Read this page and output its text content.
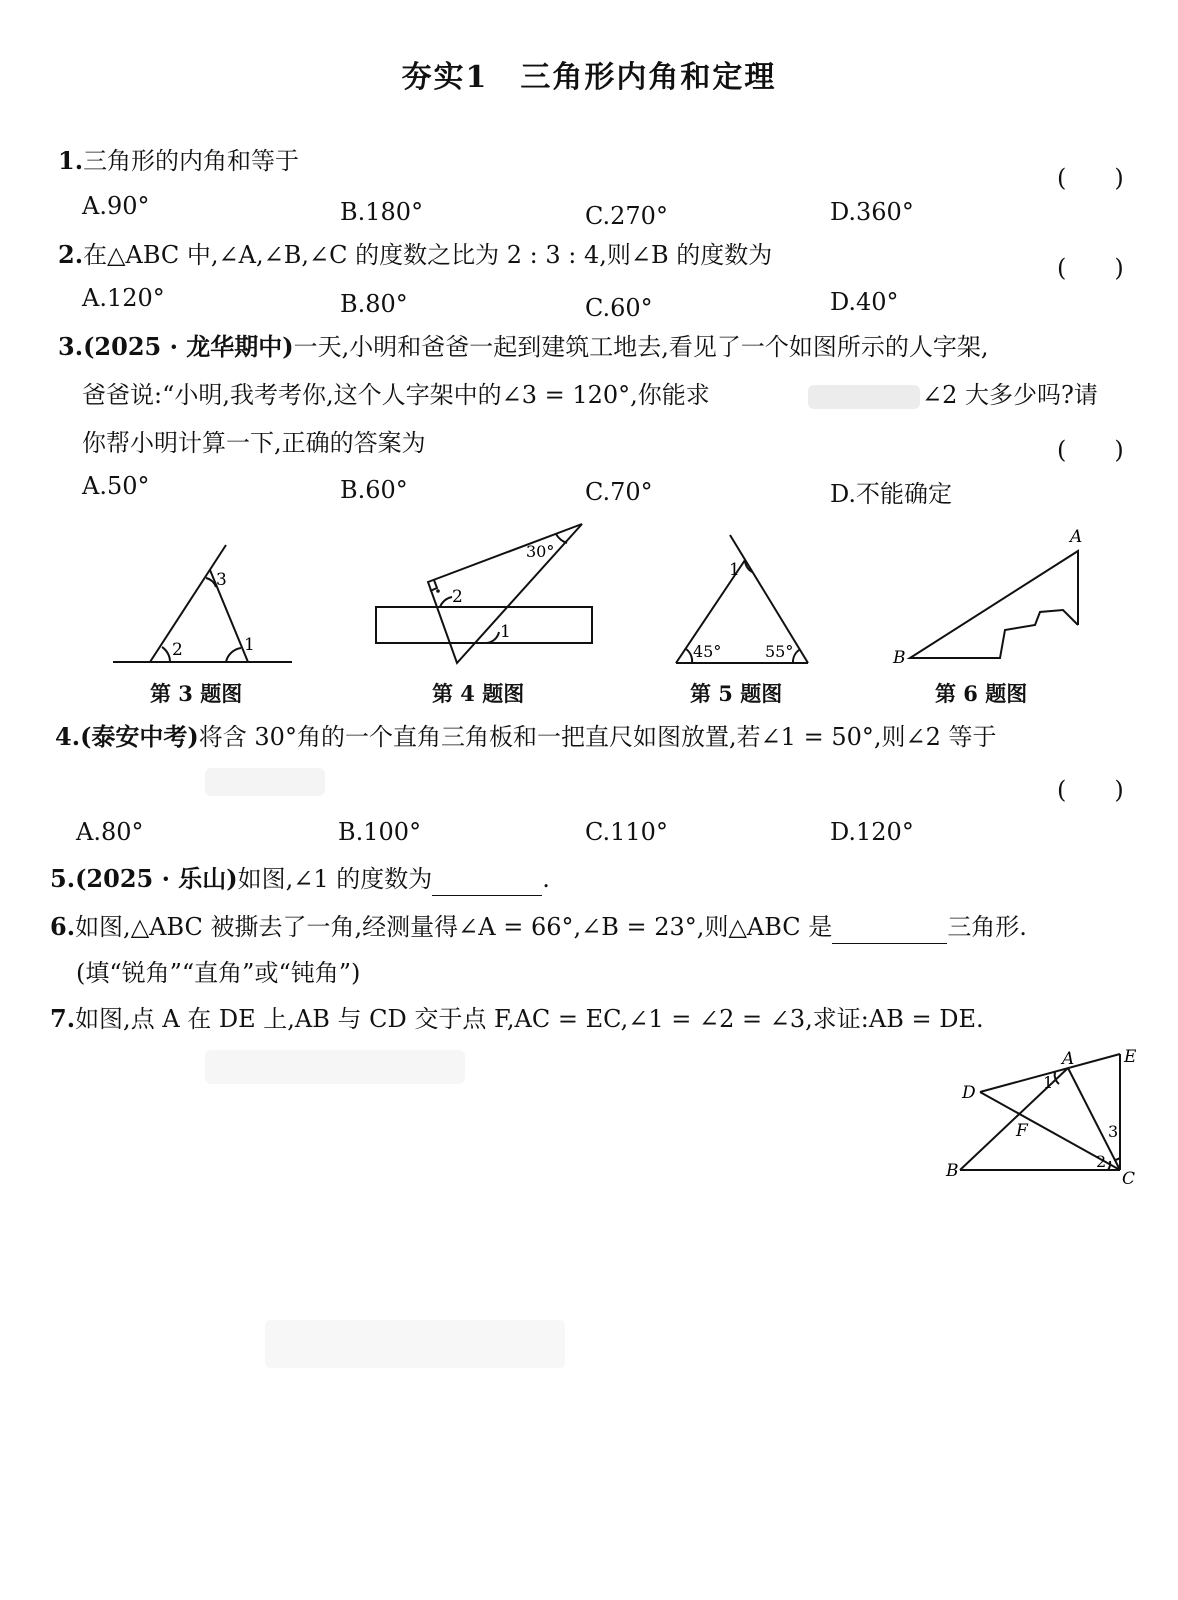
夯实1　三角形内角和定理
1.三角形的内角和等于
(　　)
A.90°	B.180°	C.270°	D.360°
2.在△ABC 中,∠A,∠B,∠C 的度数之比为 2 : 3 : 4,则∠B 的度数为	(　　)
A.120°	B.80°	C.60°	D.40°
3.(2025 · 龙华期中)一天,小明和爸爸一起到建筑工地去,看见了一个如图所示的人字架,
爸爸说:“小明,我考考你,这个人字架中的∠3 = 120°,你能求	∠2 大多少吗?请
你帮小明计算一下,正确的答案为	(　　)
A.50°	B.60°	C.70°	D.不能确定
3
2	1
30°
2
1
1
45°	55°
A
B
第 3 题图	第 4 题图	第 5 题图	第 6 题图
4.(泰安中考)将含 30°角的一个直角三角板和一把直尺如图放置,若∠1 = 50°,则∠2 等于
(　　)
A.80°	B.100°	C.110°	D.120°
5.(2025 · 乐山)如图,∠1 的度数为	.
6.如图,△ABC 被撕去了一角,经测量得∠A = 66°,∠B = 23°,则△ABC 是	三角形.
(填“锐角”“直角”或“钝角”)
7.如图,点 A 在 DE 上,AB 与 CD 交于点 F,AC = EC,∠1 = ∠2 = ∠3,求证:AB = DE.
A	E
D
1
F	3
B	2
C
